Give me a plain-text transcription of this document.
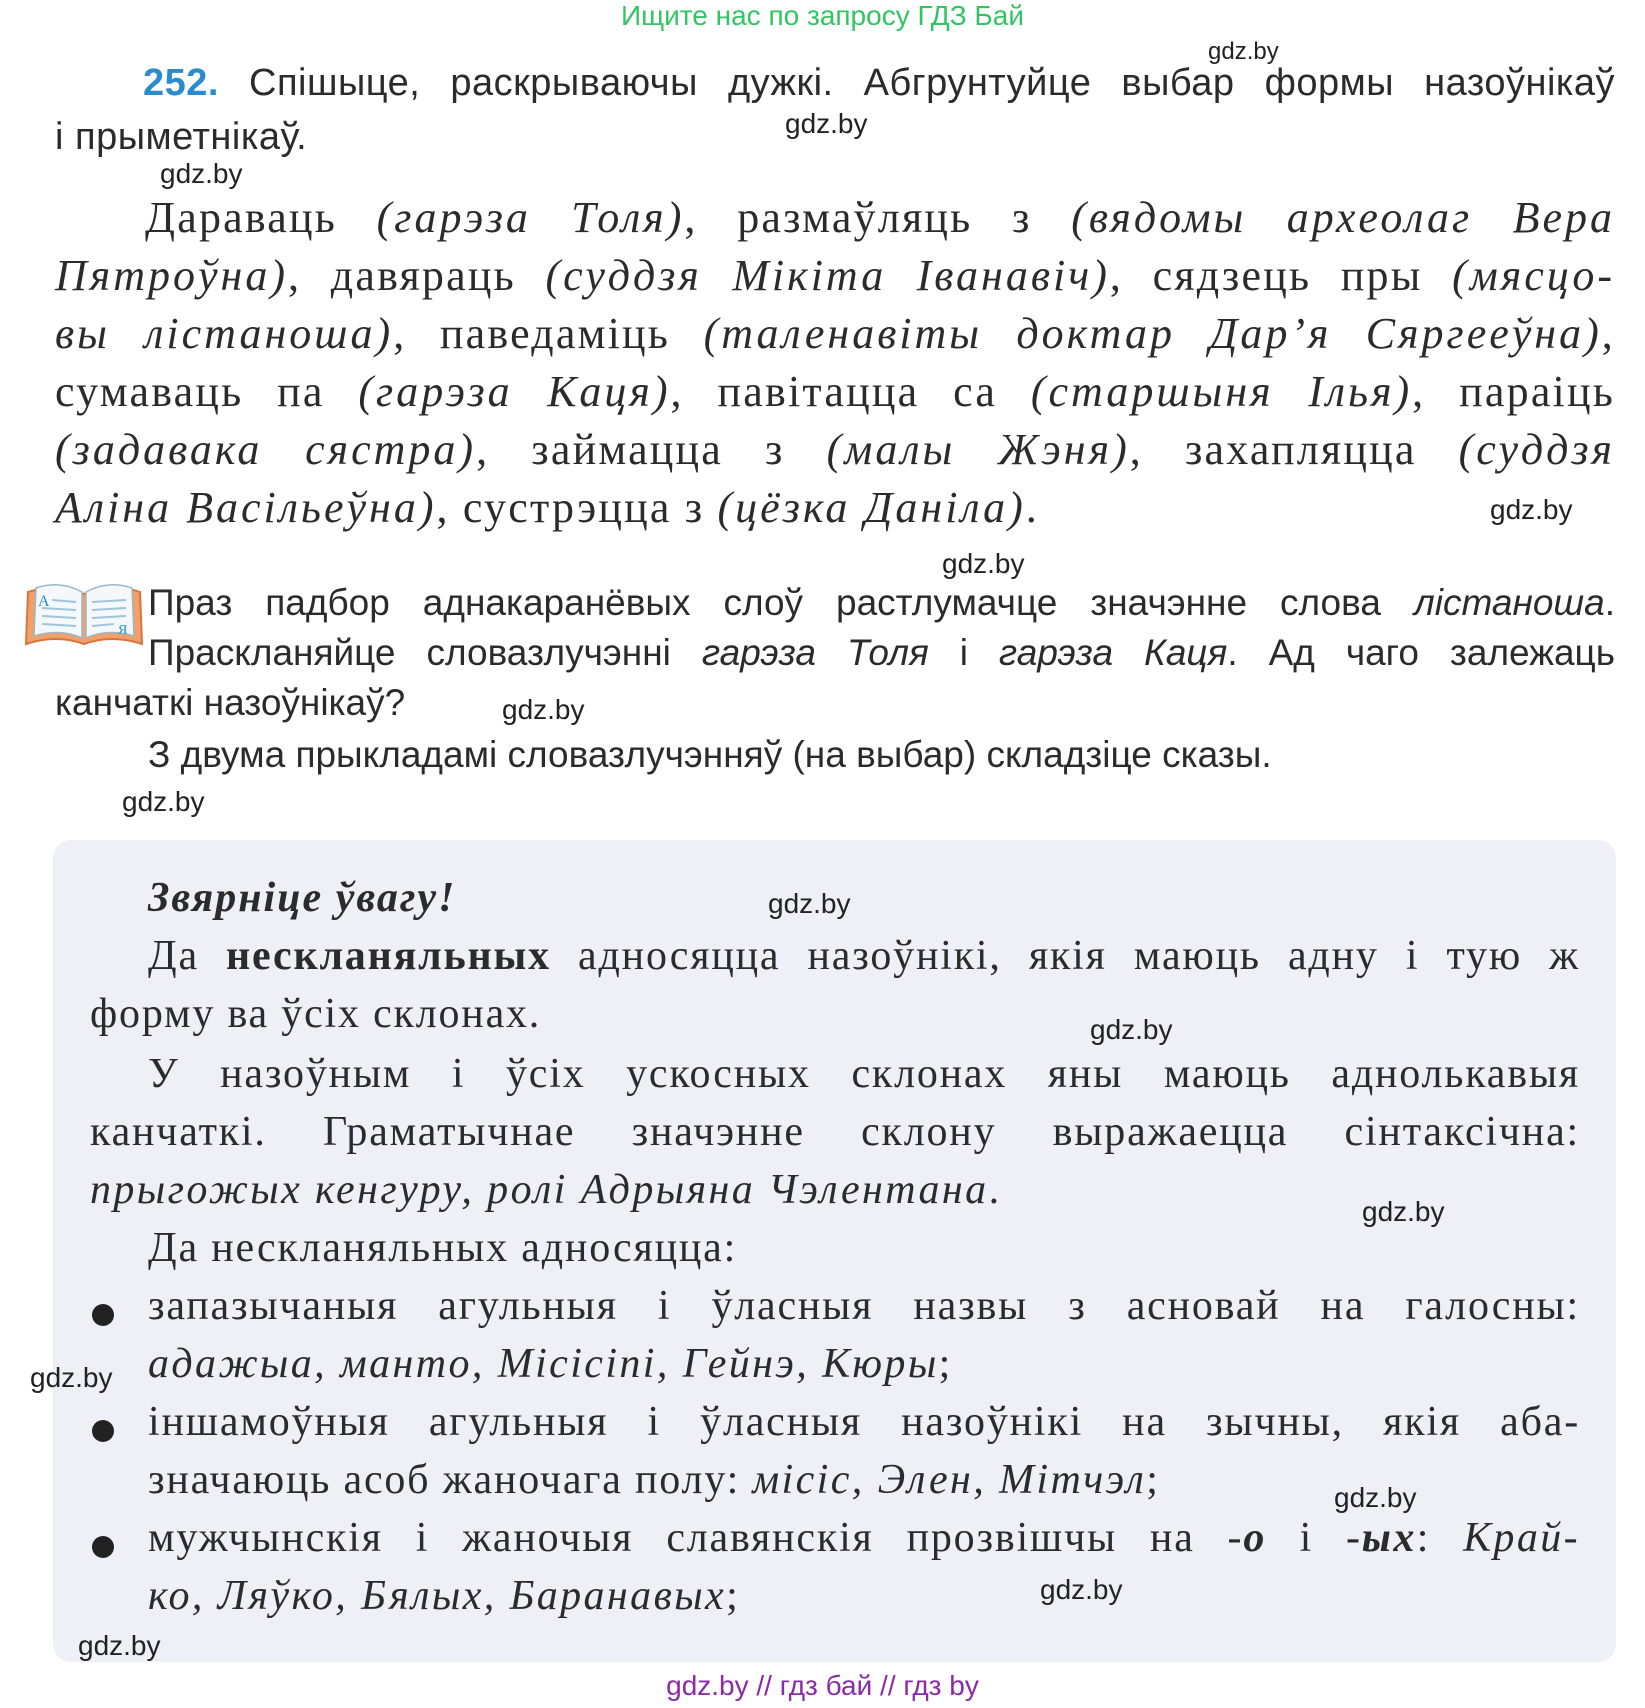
Ищите нас по запросу ГДЗ Бай
gdz.by
gdz.by
gdz.by
gdz.by
gdz.by
gdz.by
gdz.by
252. Спішыце, раскрываючы дужкі. Абгрунтуйце выбар формы назоўнікаў
і прыметнікаў.
Дараваць (гарэза Толя), размаўляць з (вядомы археолаг Вера
Пятроўна), давяраць (суддзя Мікіта Іванавіч), сядзець пры (мясцо-
вы лістаноша), паведаміць (таленавіты доктар Дар’я Сяргееўна),
сумаваць па (гарэза Каця), павітацца са (старшыня Ілья), параіць
(задавака сястра), займацца з (малы Жэня), захапляцца (суддзя
Аліна Васільеўна), сустрэцца з (цёзка Даніла).
А
Я
Праз падбор аднакаранёвых слоў растлумачце значэнне слова лістаноша.
Праскланяйце словазлучэнні гарэза Толя і гарэза Каця. Ад чаго залежаць
канчаткі назоўнікаў?
З двума прыкладамі словазлучэнняў (на выбар) складзіце сказы.
gdz.by
gdz.by
gdz.by
gdz.by
gdz.by
gdz.by
gdz.by
Звярніце ўвагу!
Да нескланяльных адносяцца назоўнікі, якія маюць адну і тую ж
форму ва ўсіх склонах.
У назоўным і ўсіх ускосных склонах яны маюць аднолькавыя
канчаткі. Граматычнае значэнне склону выражаецца сінтаксічна:
прыгожых кенгуру, ролі Адрыяна Чэлентана.
Да нескланяльных адносяцца:
запазычаныя агульныя і ўласныя назвы з асновай на галосны:
адажыа, манто, Місісіпі, Гейнэ, Кюры;
іншамоўныя агульныя і ўласныя назоўнікі на зычны, якія аба-
значаюць асоб жаночага полу: місіс, Элен, Мітчэл;
мужчынскія і жаночыя славянскія прозвішчы на -о і -ых: Край-
ко, Ляўко, Бялых, Баранавых;
gdz.by // гдз бай // гдз by
